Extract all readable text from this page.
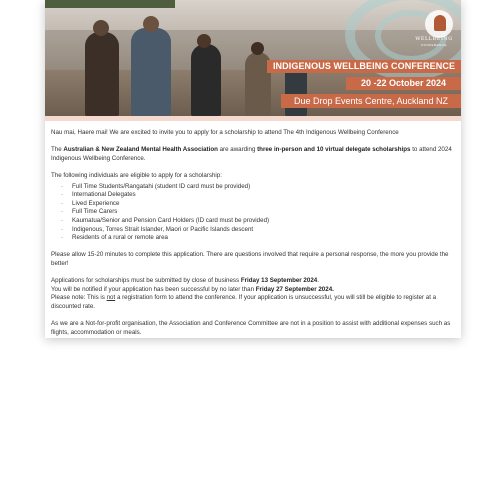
WELLBEING
CONFERENCE
INDIGENOUS WELLBEING CONFERENCE
20 -22 October 2024
Due Drop Events Centre, Auckland NZ

Nau mai, Haere mai! We are excited to invite you to apply for a scholarship to attend The 4th Indigenous Wellbeing Conference

The Australian & New Zealand Mental Health Association are awarding three in-person and 10 virtual delegate scholarships to attend 2024 Indigenous Wellbeing Conference.

The following individuals are eligible to apply for a scholarship:

· Full Time Students/Rangatahi (student ID card must be provided)
· International Delegates
· Lived Experience
· Full Time Carers
· Kaumatua/Senior and Pension Card Holders (ID card must be provided)
· Indigenous, Torres Strait Islander, Maori or Pacific Islands descent
· Residents of a rural or remote area

Please allow 15-20 minutes to complete this application. There are questions involved that require a personal response, the more you provide the better!

Applications for scholarships must be submitted by close of business Friday 13 September 2024.

You will be notified if your application has been successful by no later than Friday 27 September 2024.

Please note: This is not a registration form to attend the conference. If your application is unsuccessful, you will still be eligible to register at a discounted rate.

As we are a Not-for-profit organisation, the Association and Conference Committee are not in a position to assist with additional expenses such as flights, accommodation or meals.
